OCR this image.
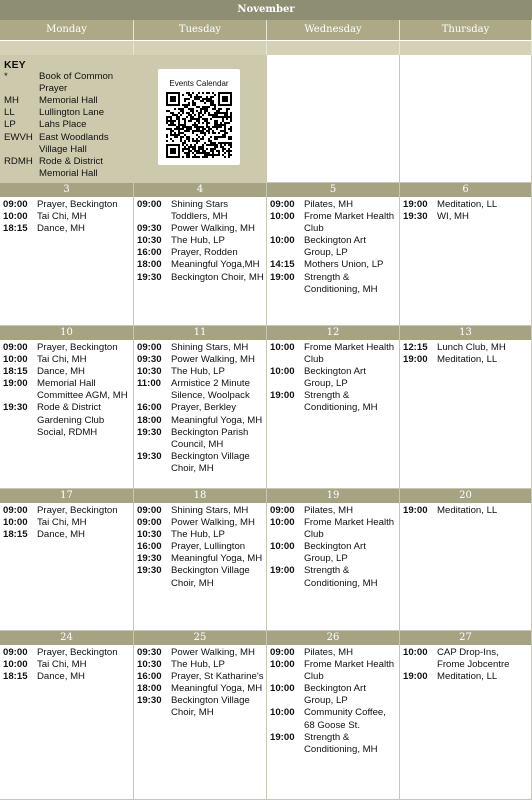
November
Monday	Tuesday	Wednesday	Thursday
KEY
*	Book of Common Prayer
MH	Memorial Hall
LL	Lullington Lane
LP	Lahs Place
EWVH East Woodlands Village Hall
RDMH Rode & District Memorial Hall
Events Calendar
3
09:00 Prayer, Beckington
10:00 Tai Chi, MH
18:15 Dance, MH
4
09:00 Shining Stars Toddlers, MH
09:30 Power Walking, MH
10:30 The Hub, LP
16:00 Prayer, Rodden
18:00 Meaningful Yoga,MH
19:30 Beckington Choir, MH
5
09:00 Pilates, MH
10:00 Frome Market Health Club
10:00 Beckington Art Group, LP
14:15 Mothers Union, LP
19:00 Strength & Conditioning, MH
6
19:00 Meditation, LL
19:30 WI, MH
10
09:00 Prayer, Beckington
10:00 Tai Chi, MH
18:15 Dance, MH
19:00 Memorial Hall Committee AGM, MH
19:30 Rode & District Gardening Club Social, RDMH
11
09:00 Shining Stars, MH
09:30 Power Walking, MH
10:30 The Hub, LP
11:00	Armistice 2 Minute Silence, Woolpack
16:00 Prayer, Berkley
18:00 Meaningful Yoga, MH
19:30 Beckington Parish Council, MH
19:30 Beckington Village Choir, MH
12
10:00 Frome Market Health Club
10:00 Beckington Art Group, LP
19:00 Strength & Conditioning, MH
13
12:15 Lunch Club, MH
19:00 Meditation, LL
17
09:00 Prayer, Beckington
10:00 Tai Chi, MH
18:15 Dance, MH
18
09:00 Shining Stars, MH
09:00 Power Walking, MH
10:30 The Hub, LP
16:00 Prayer, Lullington
19:30 Meaningful Yoga, MH
19:30 Beckington Village Choir, MH
19
09:00 Pilates, MH
10:00 Frome Market Health Club
10:00 Beckington Art Group, LP
19:00 Strength & Conditioning, MH
20
19:00 Meditation, LL
24
09:00 Prayer, Beckington
10:00 Tai Chi, MH
18:15 Dance, MH
25
09:30 Power Walking, MH
10:30 The Hub, LP
16:00 Prayer, St Katharine's
18:00 Meaningful Yoga, MH
19:30 Beckington Village Choir, MH
26
09:00 Pilates, MH
10:00 Frome Market Health Club
10:00 Beckington Art Group, LP
10:00 Community Coffee, 68 Goose St.
19:00 Strength & Conditioning, MH
27
10:00 CAP Drop-Ins, Frome Jobcentre
19:00 Meditation, LL
